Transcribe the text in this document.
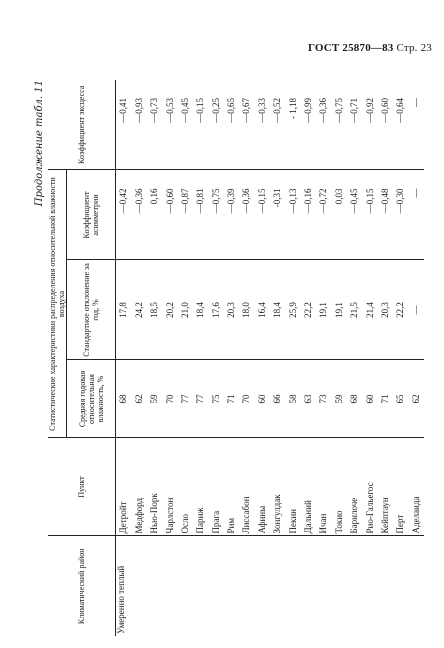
ГОСТ 25870—83 Стр. 23
Продолжение табл. 11
Климатический район	Пункт	Статистические характеристики распределения относительной влажности воздуха			Коэффициент эксцесса
		Средняя годовая относительная влажность, %	Стандартное отклонение за год, %	Коэффициент асимметрии	
Умеренно теплый	Детройт	68	17,8	—0,42	—0,41
	Медфорд	62	24,2	—0,36	—0,93
	Нью-Порк	59	18,5	0,16	—0,73
	Чарлстон	70	20,2	—0,60	—0,53
	Осло	77	21,0	—0,87	—0,45
	Париж	77	18,4	—0,81	—0,15
	Прага	75	17,6	—0,75	—0,25
	Рим	71	20,3	—0,39	—0,65
	Лиссабон	70	18,0	—0,36	—0,67
	Афины	60	16,4	—0,15	—0,33
	Зонгулдак	66	18,4	-0,31	—0,52
	Пекин	58	25,9	—0,13	- 1,18
	Дальний	63	22,2	—0,16	—0,99
	Ичан	73	19,1	—0,72	—0,36
	Токио	59	19,1	0,03	—0,75
	Барилоче	68	21,5	—0,45	—0,71
	Рио-Гальегос	60	21,4	—0,15	—0,92
	Кейптаун	71	20,3	—0,48	—0,60
	Перт	65	22,2	—0,30	—0,64
	Аделаида	62	—	—	—
